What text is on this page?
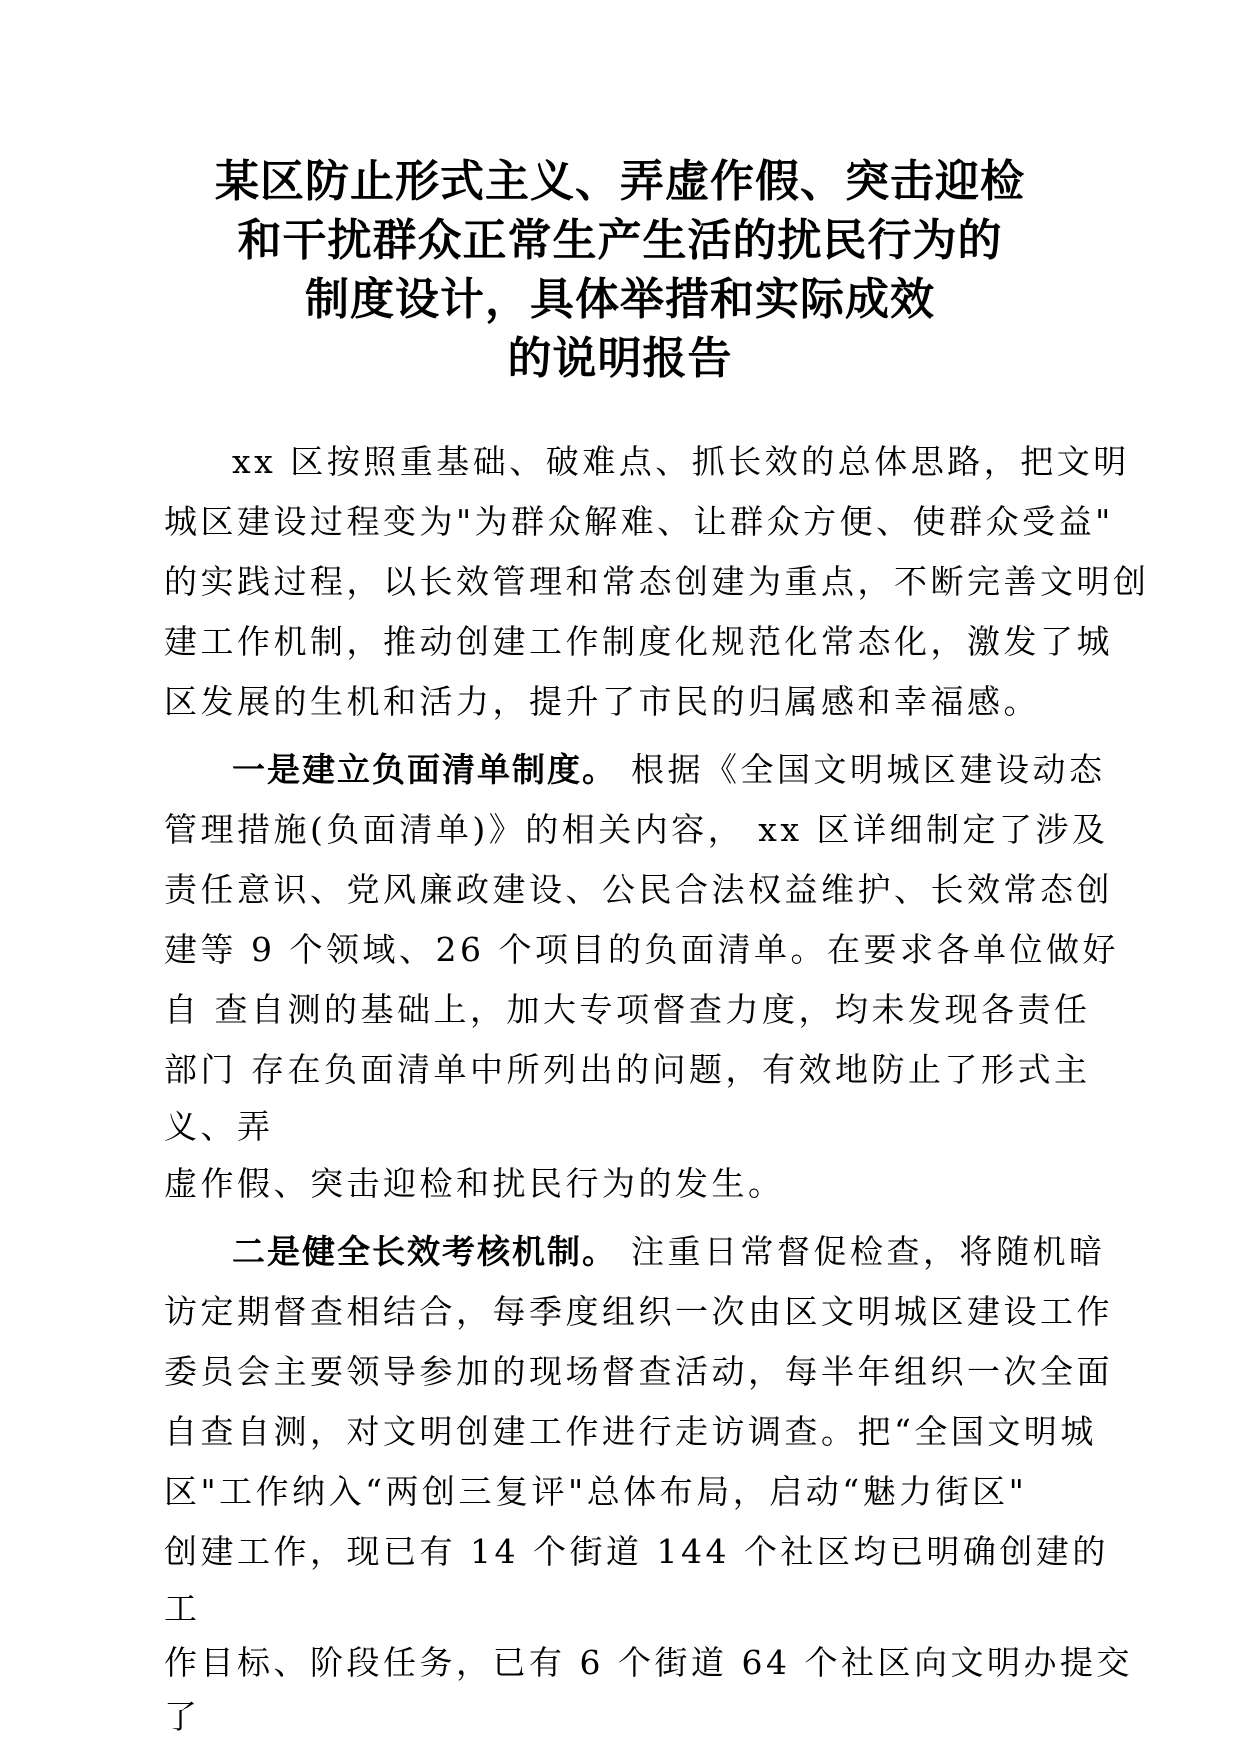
某区防止形式主义、弄虚作假、突击迎检
和干扰群众正常生产生活的扰民行为的
制度设计，具体举措和实际成效
的说明报告
xx 区按照重基础、破难点、抓长效的总体思路，把文明
城区建设过程变为"为群众解难、让群众方便、使群众受益"
的实践过程，以长效管理和常态创建为重点，不断完善文明创
建工作机制，推动创建工作制度化规范化常态化，激发了城
区发展的生机和活力，提升了市民的归属感和幸福感。
一是建立负面清单制度。 根据《全国文明城区建设动态
管理措施(负面清单)》的相关内容， xx 区详细制定了涉及
责任意识、党风廉政建设、公民合法权益维护、长效常态创
建等 9 个领域、26 个项目的负面清单。在要求各单位做好
自 查自测的基础上，加大专项督查力度，均未发现各责任
部门 存在负面清单中所列出的问题，有效地防止了形式主
义、弄
虚作假、突击迎检和扰民行为的发生。
二是健全长效考核机制。 注重日常督促检查，将随机暗
访定期督查相结合，每季度组织一次由区文明城区建设工作
委员会主要领导参加的现场督查活动，每半年组织一次全面
自查自测，对文明创建工作进行走访调查。把“全国文明城
区"工作纳入“两创三复评"总体布局，启动“魅力街区"
创建工作，现已有 14 个街道 144 个社区均已明确创建的
工
作目标、阶段任务，已有 6 个街道 64 个社区向文明办提交
了
